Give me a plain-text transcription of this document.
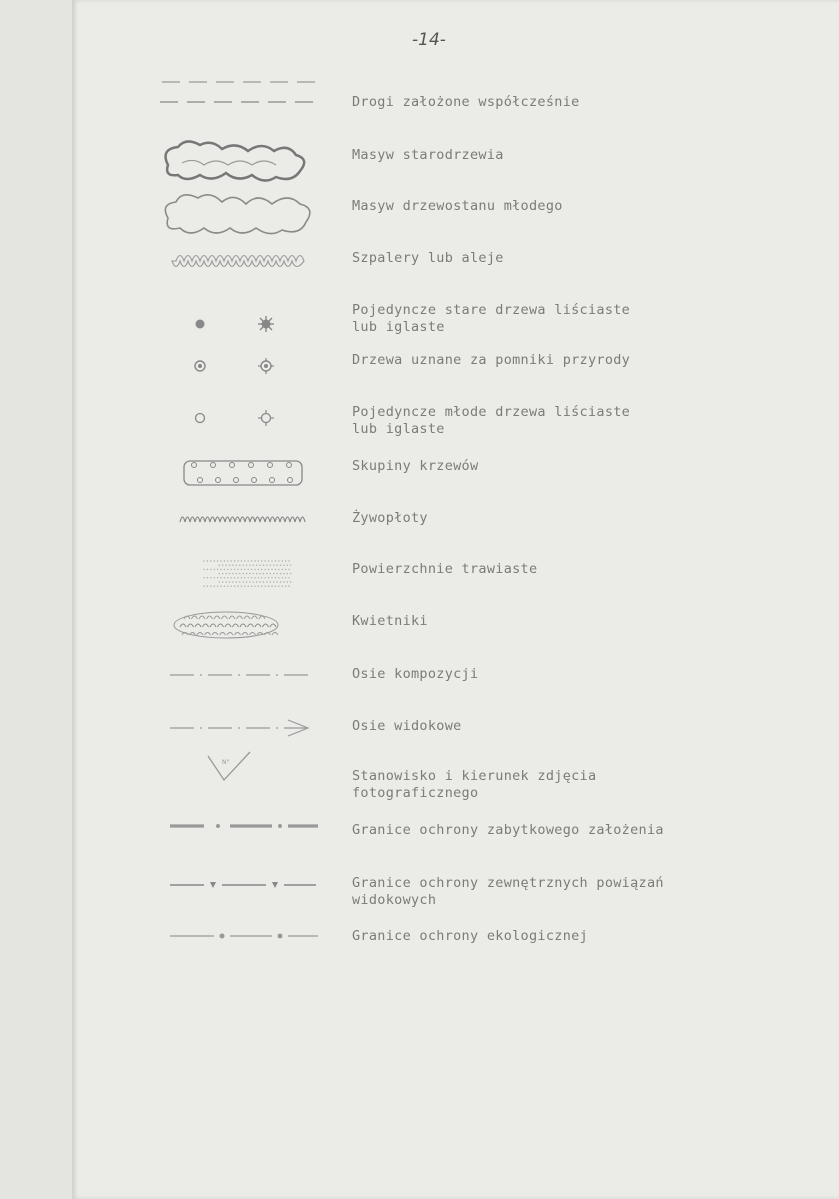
-14-
Drogi założone współcześnie
Masyw starodrzewia
Masyw drzewostanu młodego
Szpalery lub aleje
Pojedyncze stare drzewa liściaste
lub iglaste
Drzewa uznane za pomniki przyrody
Pojedyncze młode drzewa liściaste
lub iglaste
Skupiny krzewów
Żywopłoty
Powierzchnie trawiaste
Kwietniki
Osie kompozycji
Osie widokowe
N°
Stanowisko i kierunek zdjęcia
fotograficznego
Granice ochrony zabytkowego założenia
Granice ochrony zewnętrznych powiązań
widokowych
Granice ochrony ekologicznej
